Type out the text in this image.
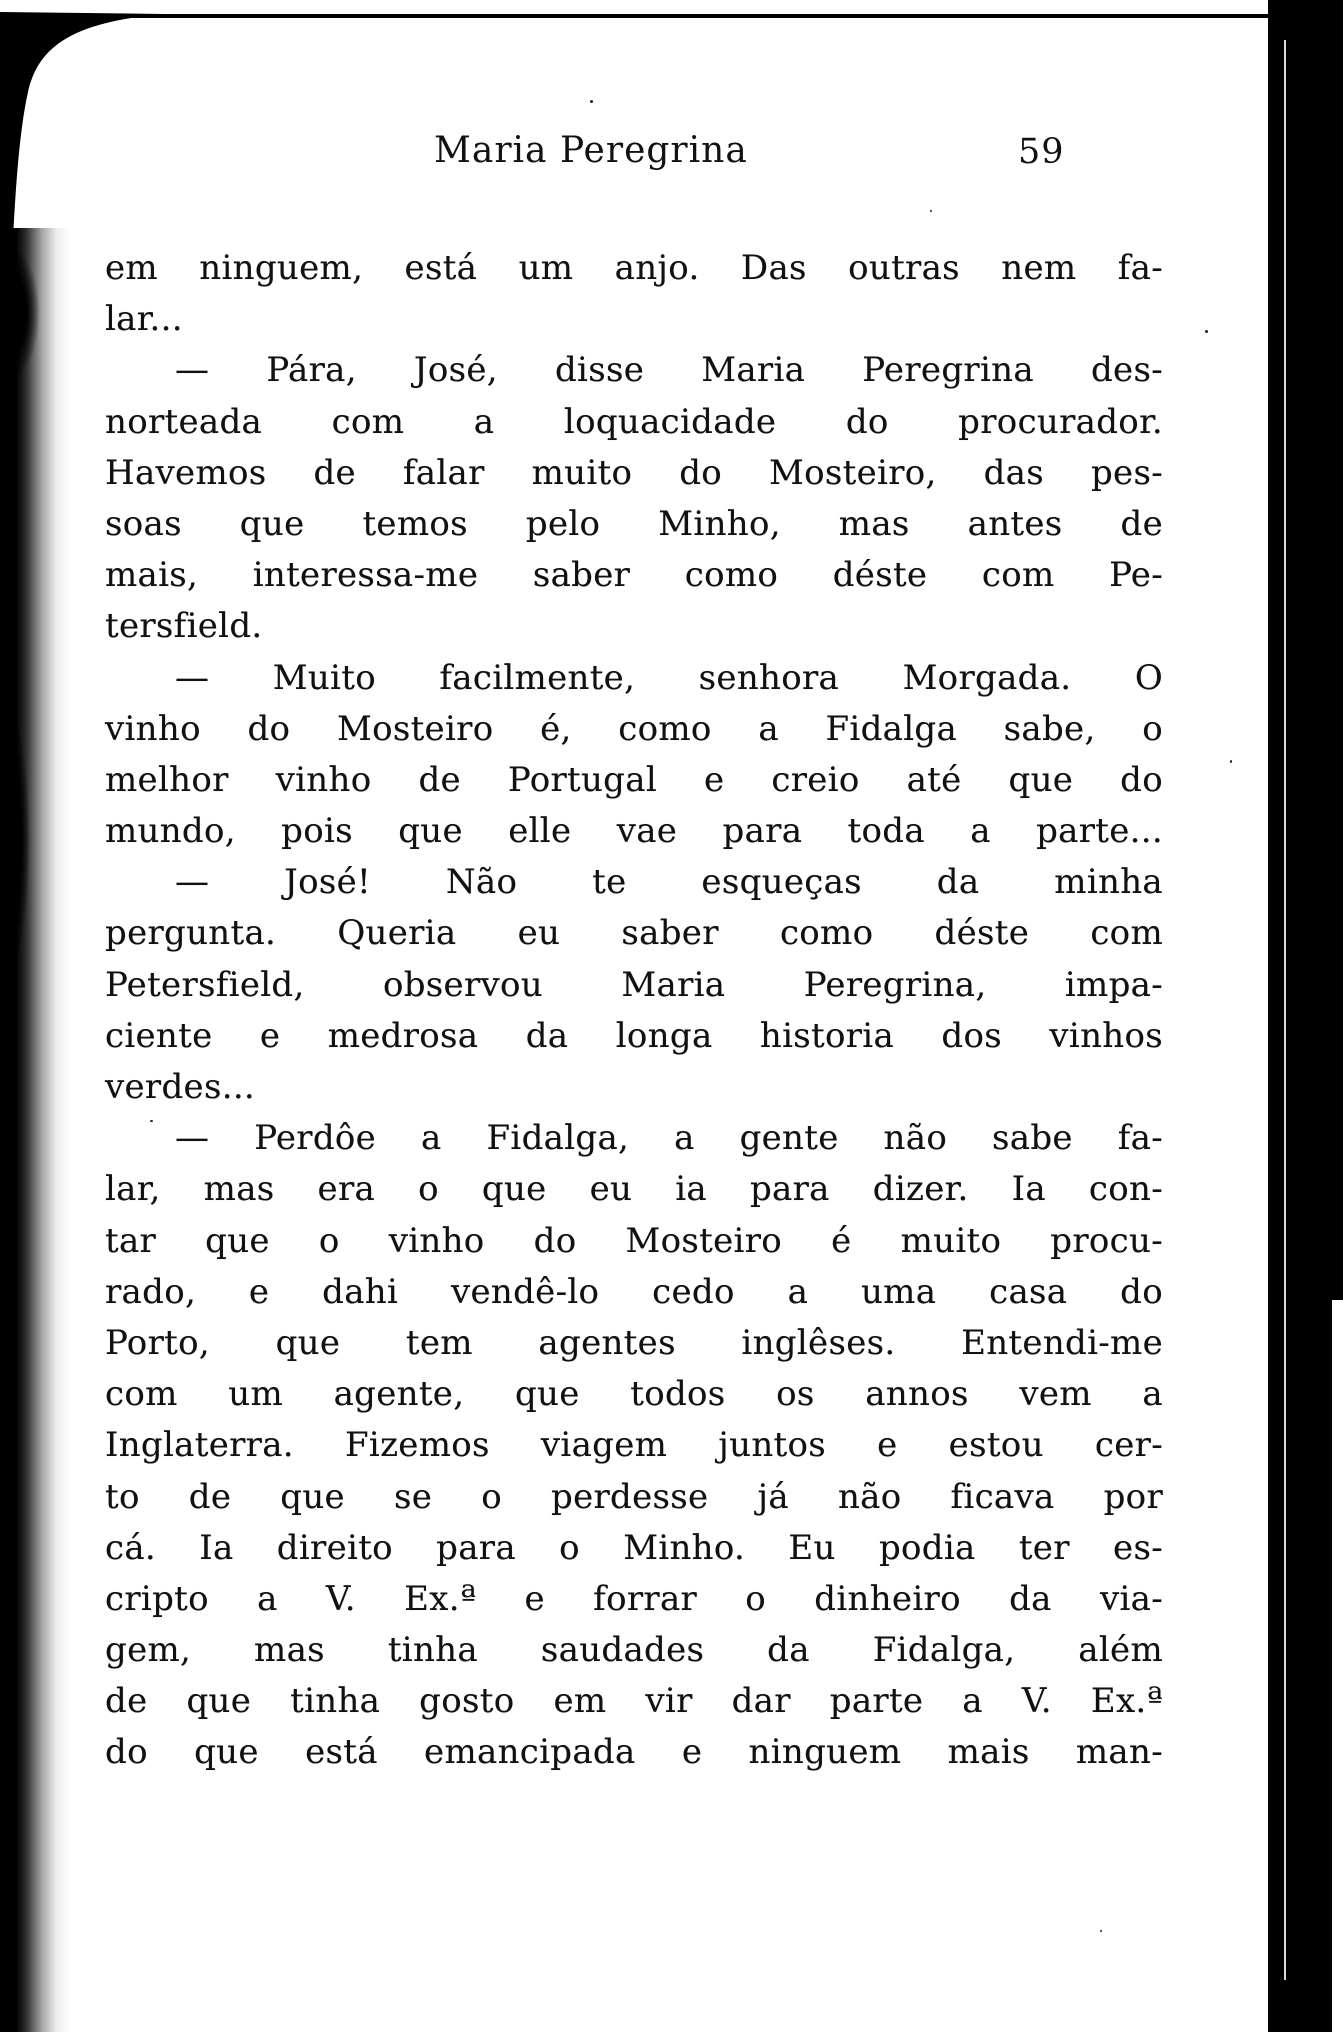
Maria Peregrina	59
em ninguem, está um anjo. Das outras nem fa-
lar...
— Pára, José, disse Maria Peregrina des-
norteada com a loquacidade do procurador.
Havemos de falar muito do Mosteiro, das pes-
soas que temos pelo Minho, mas antes de
mais, interessa-me saber como déste com Pe-
tersfield.
— Muito facilmente, senhora Morgada. O
vinho do Mosteiro é, como a Fidalga sabe, o
melhor vinho de Portugal e creio até que do
mundo, pois que elle vae para toda a parte...
— José! Não te esqueças da minha
pergunta. Queria eu saber como déste com
Petersfield, observou Maria Peregrina, impa-
ciente e medrosa da longa historia dos vinhos
verdes...
— Perdôe a Fidalga, a gente não sabe fa-
lar, mas era o que eu ia para dizer. Ia con-
tar que o vinho do Mosteiro é muito procu-
rado, e dahi vendê-lo cedo a uma casa do
Porto, que tem agentes inglêses. Entendi-me
com um agente, que todos os annos vem a
Inglaterra. Fizemos viagem juntos e estou cer-
to de que se o perdesse já não ficava por
cá. Ia direito para o Minho. Eu podia ter es-
cripto a V. Ex.ª e forrar o dinheiro da via-
gem, mas tinha saudades da Fidalga, além
de que tinha gosto em vir dar parte a V. Ex.ª
do que está emancipada e ninguem mais man-
